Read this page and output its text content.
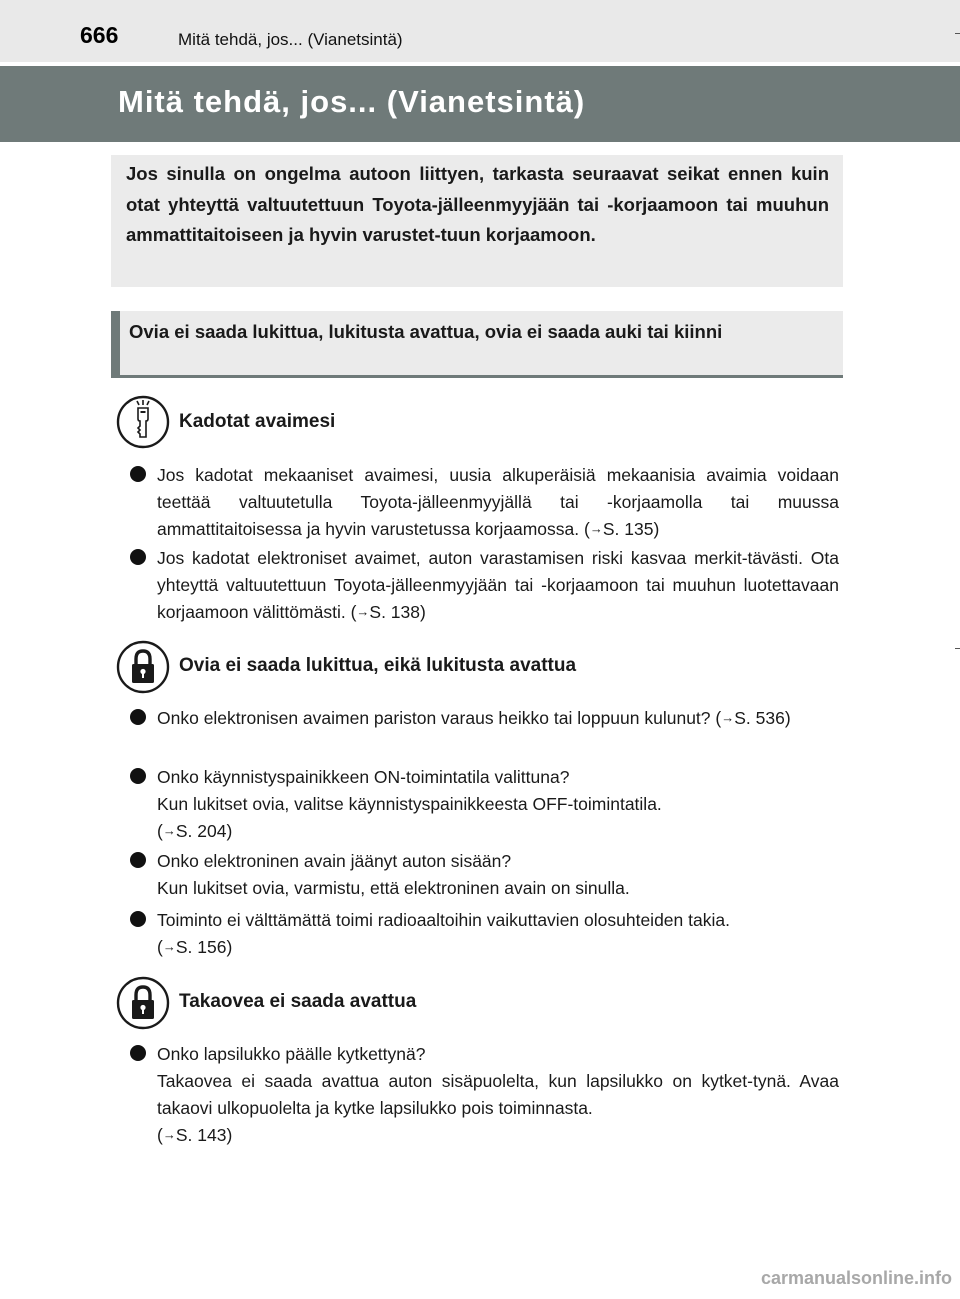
666	Mitä tehdä, jos... (Vianetsintä)
Mitä tehdä, jos... (Vianetsintä)
Jos sinulla on ongelma autoon liittyen, tarkasta seuraavat seikat ennen kuin otat yhteyttä valtuutettuun Toyota-jälleenmyyjään tai -korjaamoon tai muuhun ammattitaitoiseen ja hyvin varustet-tuun korjaamoon.
Ovia ei saada lukittua, lukitusta avattua, ovia ei saada auki tai kiinni
Kadotat avaimesi
Jos kadotat mekaaniset avaimesi, uusia alkuperäisiä mekaanisia avaimia voidaan teettää valtuutetulla Toyota-jälleenmyyjällä tai -korjaamolla tai muussa ammattitaitoisessa ja hyvin varustetussa korjaamossa. (→S. 135)
Jos kadotat elektroniset avaimet, auton varastamisen riski kasvaa merkit-tävästi. Ota yhteyttä valtuutettuun Toyota-jälleenmyyjään tai -korjaamoon tai muuhun luotettavaan korjaamoon välittömästi. (→S. 138)
Ovia ei saada lukittua, eikä lukitusta avattua
Onko elektronisen avaimen pariston varaus heikko tai loppuun kulunut? (→S. 536)
Onko käynnistyspainikkeen ON-toimintatila valittuna?
Kun lukitset ovia, valitse käynnistyspainikkeesta OFF-toimintatila.
(→S. 204)
Onko elektroninen avain jäänyt auton sisään?
Kun lukitset ovia, varmistu, että elektroninen avain on sinulla.
Toiminto ei välttämättä toimi radioaaltoihin vaikuttavien olosuhteiden takia.
(→S. 156)
Takaovea ei saada avattua
Onko lapsilukko päälle kytkettynä?
Takaovea ei saada avattua auton sisäpuolelta, kun lapsilukko on kytket-tynä. Avaa takaovi ulkopuolelta ja kytke lapsilukko pois toiminnasta.
(→S. 143)
carmanualsonline.info
